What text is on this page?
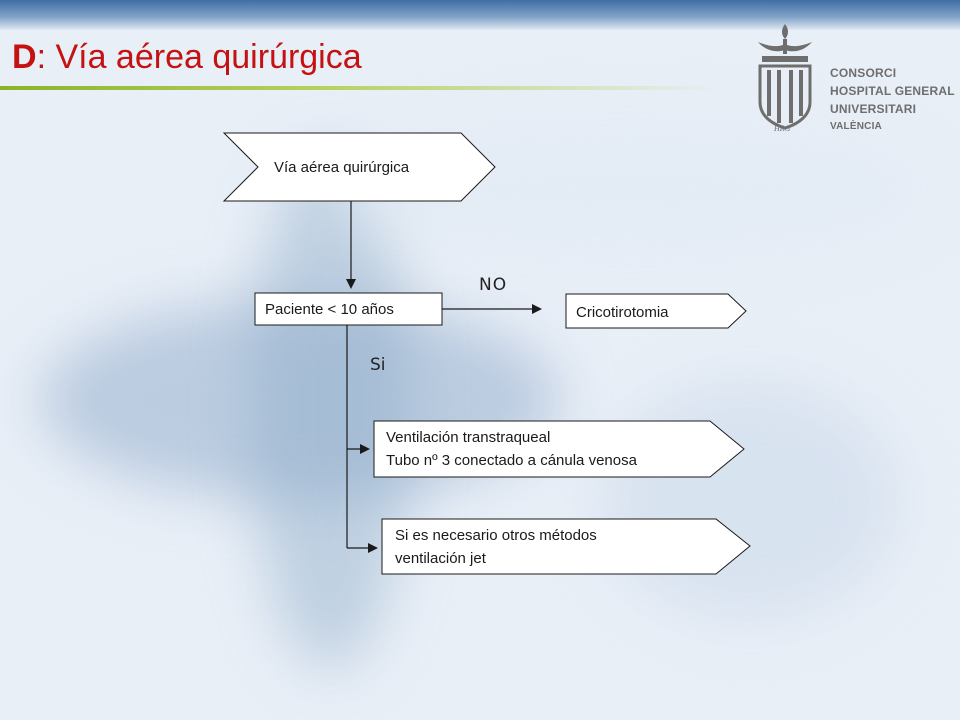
D: Vía aérea quirúrgica
HRG
CONSORCI
HOSPITAL GENERAL
UNIVERSITARI
VALÈNCIA
Vía aérea quirúrgica
Paciente < 10 años
NO
Cricotirotomia
Si
Ventilación transtraqueal
Tubo nº 3 conectado a cánula venosa
Si es necesario otros métodos
ventilación jet
